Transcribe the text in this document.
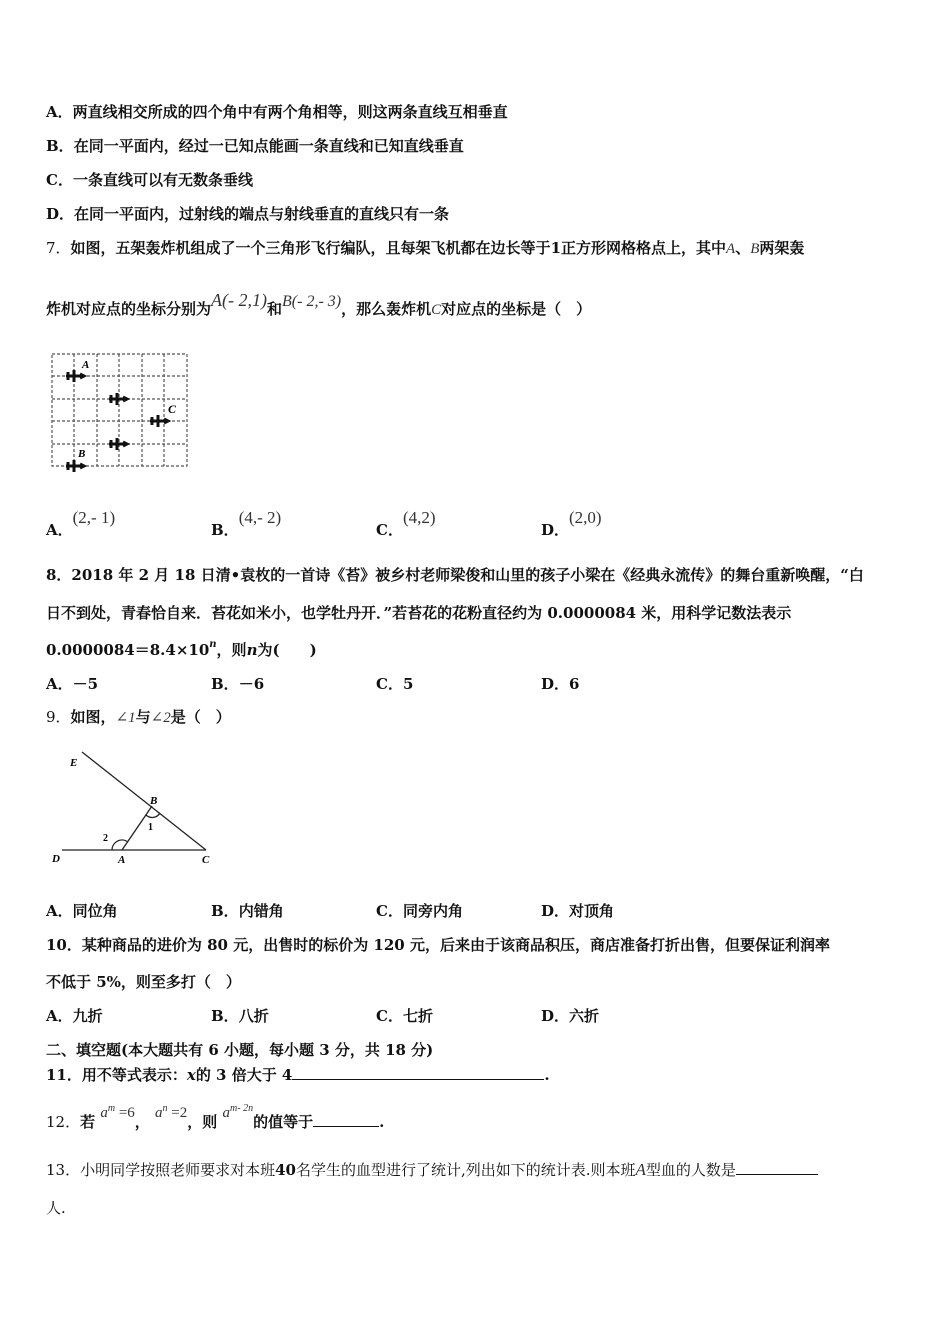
A．两直线相交所成的四个角中有两个角相等，则这两条直线互相垂直
B．在同一平面内，经过一已知点能画一条直线和已知直线垂直
C．一条直线可以有无数条垂线
D．在同一平面内，过射线的端点与射线垂直的直线只有一条
7．如图，五架轰炸机组成了一个三角形飞行编队，且每架飞机都在边长等于1正方形网格格点上，其中A、B两架轰
炸机对应点的坐标分别为A(- 2,1)和B(- 2,- 3)，那么轰炸机C对应点的坐标是（　）
A
C
B
A．(2,- 1)
B．(4,- 2)
C．(4,2)
D．(2,0)
8．2018 年 2 月 18 日清•袁枚的一首诗《苔》被乡村老师梁俊和山里的孩子小梁在《经典永流传》的舞台重新唤醒，“白
日不到处，青春恰自来．苔花如米小，也学牡丹开．”若苔花的花粉直径约为 0.0000084 米，用科学记数法表示
$0.0000084=8.4\times 10^n$，则n为(　　)
A．－5	B．－6	C．5	D．6
9．如图，∠1与∠2是（　）
E
B
1
2
D	A	C
A．同位角	B．内错角	C．同旁内角	D．对顶角
10．某种商品的进价为 80 元，出售时的标价为 120 元，后来由于该商品积压，商店准备打折出售，但要保证利润率
不低于 5%，则至多打（　）
A．九折	B．八折	C．七折	D．六折
二、填空题(本大题共有 6 小题，每小题 3 分，共 18 分)
11．用不等式表示：x的 3 倍大于 4	.
12．若 $a^m =6$， $a^n =2$，则 $a^{m- 2n}$的值等于	.
13．小明同学按照老师要求对本班40名学生的血型进行了统计,列出如下的统计表.则本班A型血的人数是
人.
